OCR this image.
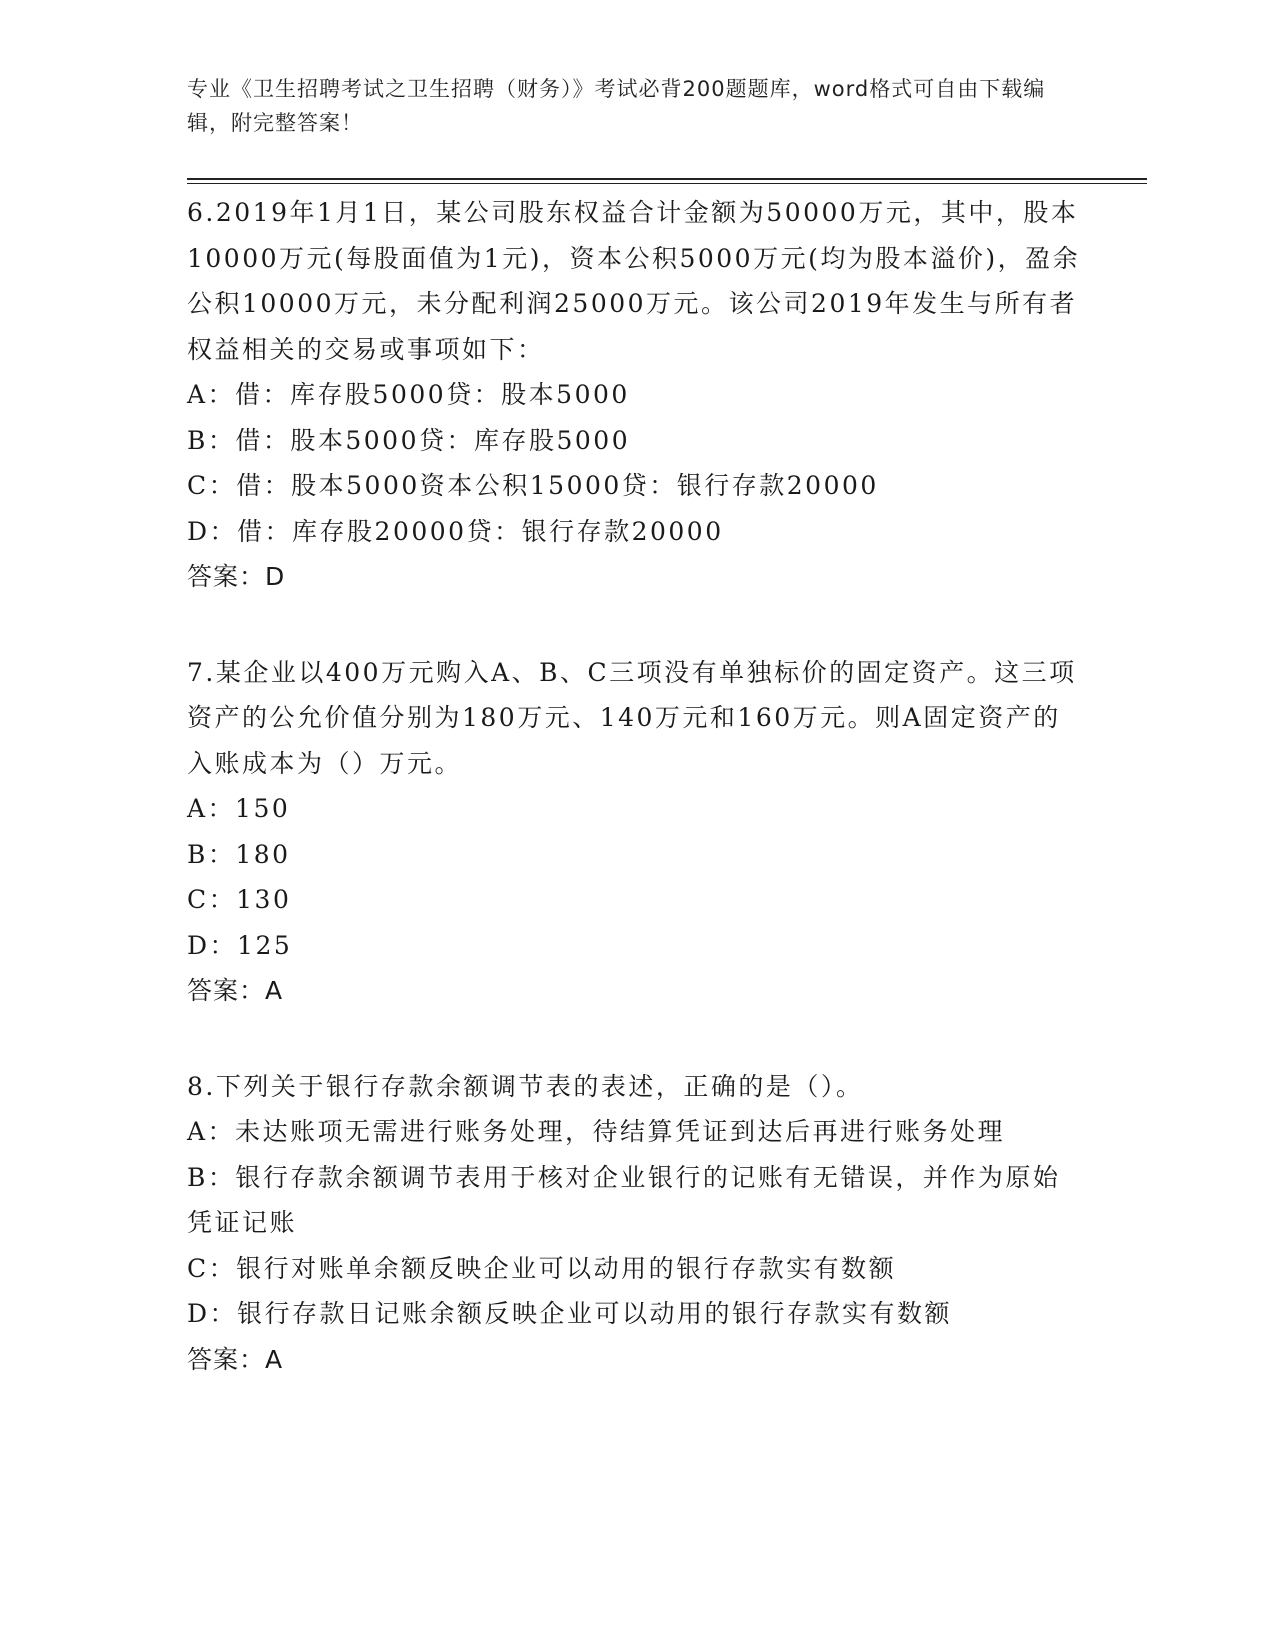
专业《卫生招聘考试之卫生招聘（财务）》考试必背200题题库，word格式可自由下载编辑，附完整答案！

6.2019年1月1日，某公司股东权益合计金额为50000万元，其中，股本10000万元(每股面值为1元)，资本公积5000万元(均为股本溢价)，盈余公积10000万元，未分配利润25000万元。该公司2019年发生与所有者权益相关的交易或事项如下：

A：借：库存股5000贷：股本5000

B：借：股本5000贷：库存股5000

C：借：股本5000资本公积15000贷：银行存款20000

D：借：库存股20000贷：银行存款20000

答案：D

7.某企业以400万元购入A、B、C三项没有单独标价的固定资产。这三项资产的公允价值分别为180万元、140万元和160万元。则A固定资产的入账成本为（）万元。

A：150

B：180

C：130

D：125

答案：A

8.下列关于银行存款余额调节表的表述，正确的是（）。

A：未达账项无需进行账务处理，待结算凭证到达后再进行账务处理

B：银行存款余额调节表用于核对企业银行的记账有无错误，并作为原始凭证记账

C：银行对账单余额反映企业可以动用的银行存款实有数额

D：银行存款日记账余额反映企业可以动用的银行存款实有数额

答案：A
